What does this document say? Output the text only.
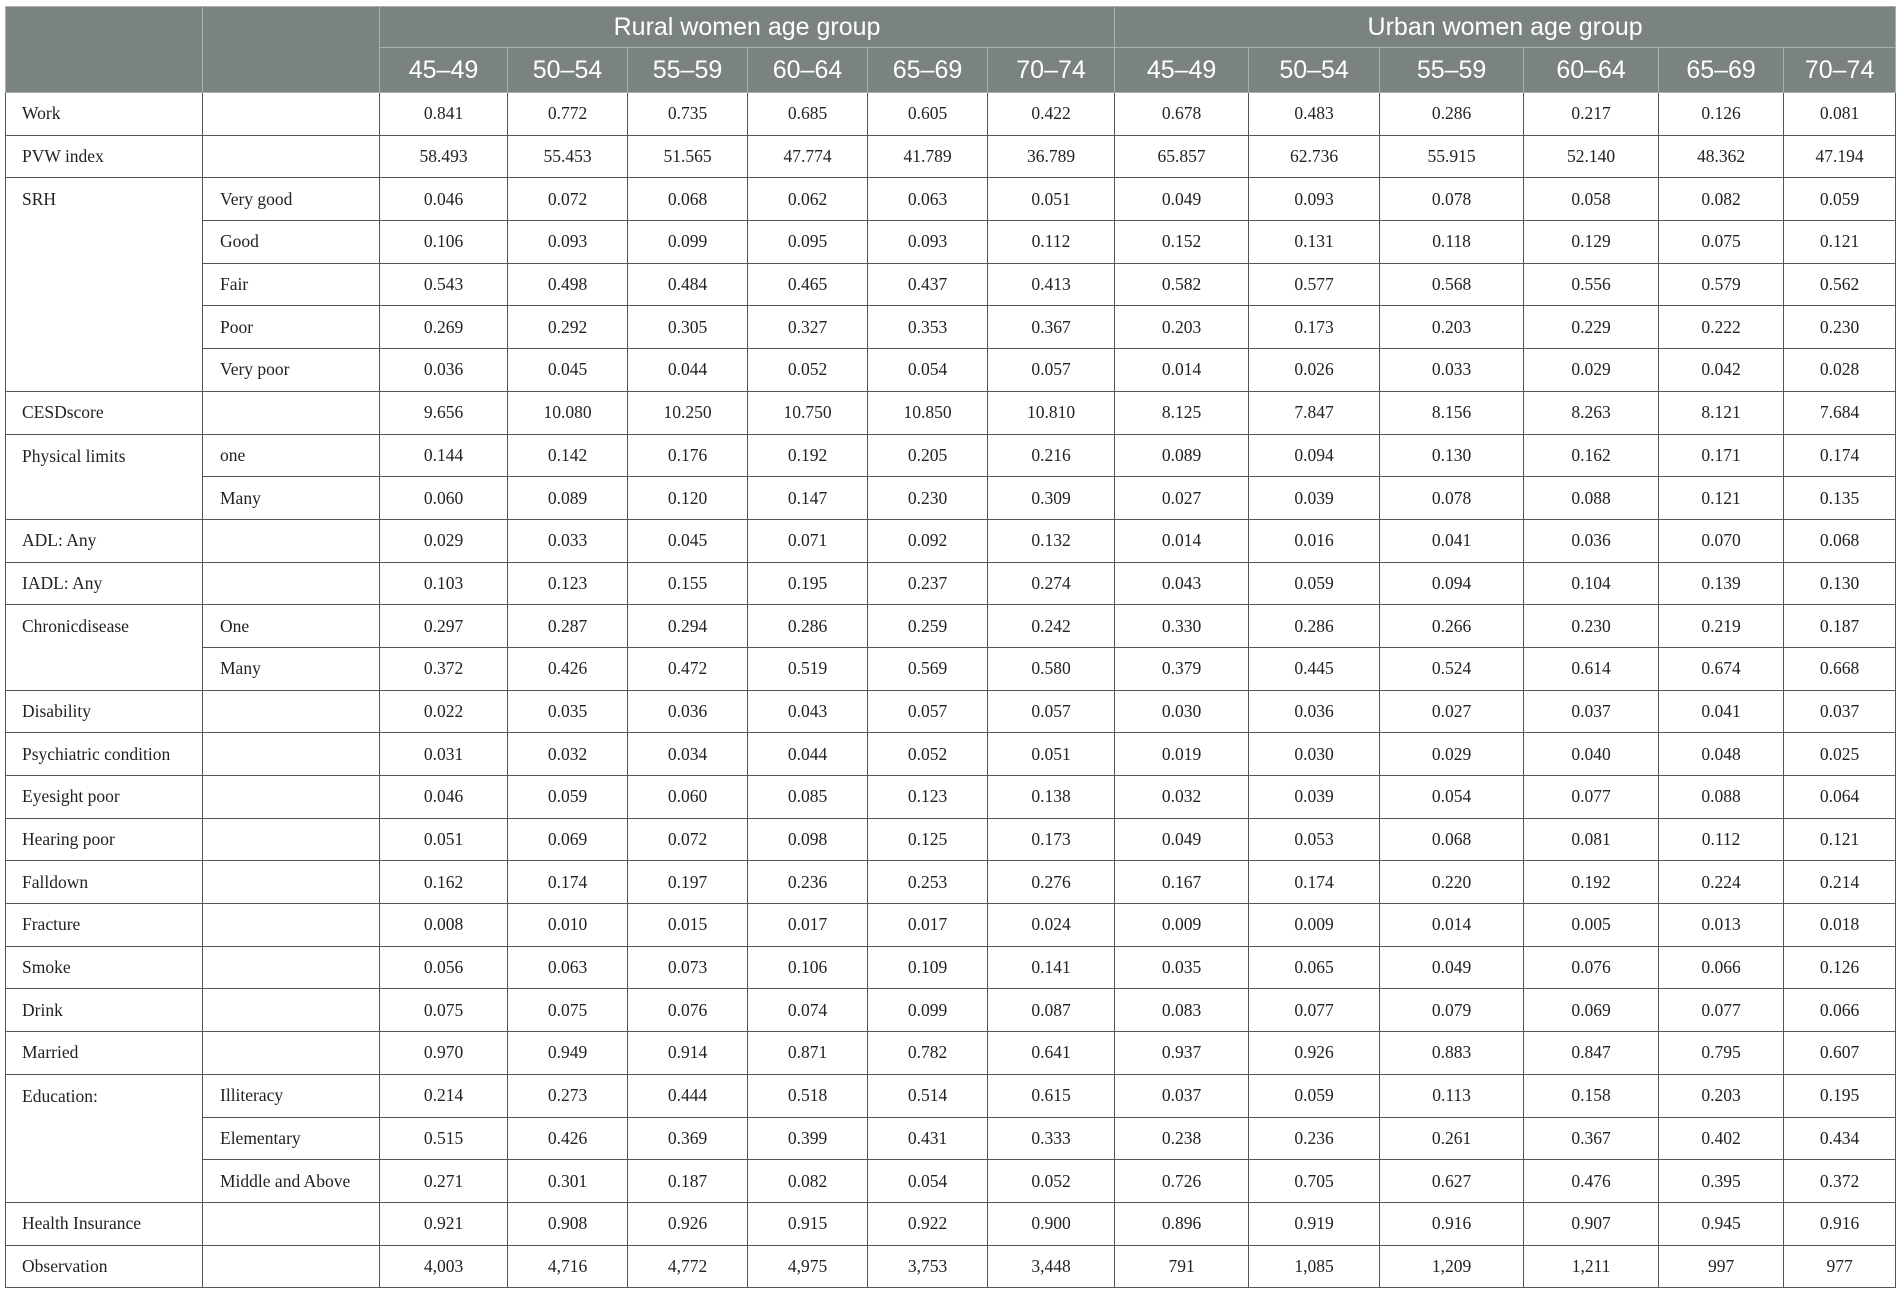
		Rural women age group						Urban women age group					
		45–49	50–54	55–59	60–64	65–69	70–74	45–49	50–54	55–59	60–64	65–69	70–74
Work		0.841	0.772	0.735	0.685	0.605	0.422	0.678	0.483	0.286	0.217	0.126	0.081
PVW index		58.493	55.453	51.565	47.774	41.789	36.789	65.857	62.736	55.915	52.140	48.362	47.194
SRH	Very good	0.046	0.072	0.068	0.062	0.063	0.051	0.049	0.093	0.078	0.058	0.082	0.059
	Good	0.106	0.093	0.099	0.095	0.093	0.112	0.152	0.131	0.118	0.129	0.075	0.121
	Fair	0.543	0.498	0.484	0.465	0.437	0.413	0.582	0.577	0.568	0.556	0.579	0.562
	Poor	0.269	0.292	0.305	0.327	0.353	0.367	0.203	0.173	0.203	0.229	0.222	0.230
	Very poor	0.036	0.045	0.044	0.052	0.054	0.057	0.014	0.026	0.033	0.029	0.042	0.028
CESDscore		9.656	10.080	10.250	10.750	10.850	10.810	8.125	7.847	8.156	8.263	8.121	7.684
Physical limits	one	0.144	0.142	0.176	0.192	0.205	0.216	0.089	0.094	0.130	0.162	0.171	0.174
	Many	0.060	0.089	0.120	0.147	0.230	0.309	0.027	0.039	0.078	0.088	0.121	0.135
ADL: Any		0.029	0.033	0.045	0.071	0.092	0.132	0.014	0.016	0.041	0.036	0.070	0.068
IADL: Any		0.103	0.123	0.155	0.195	0.237	0.274	0.043	0.059	0.094	0.104	0.139	0.130
Chronicdisease	One	0.297	0.287	0.294	0.286	0.259	0.242	0.330	0.286	0.266	0.230	0.219	0.187
	Many	0.372	0.426	0.472	0.519	0.569	0.580	0.379	0.445	0.524	0.614	0.674	0.668
Disability		0.022	0.035	0.036	0.043	0.057	0.057	0.030	0.036	0.027	0.037	0.041	0.037
Psychiatric condition		0.031	0.032	0.034	0.044	0.052	0.051	0.019	0.030	0.029	0.040	0.048	0.025
Eyesight poor		0.046	0.059	0.060	0.085	0.123	0.138	0.032	0.039	0.054	0.077	0.088	0.064
Hearing poor		0.051	0.069	0.072	0.098	0.125	0.173	0.049	0.053	0.068	0.081	0.112	0.121
Falldown		0.162	0.174	0.197	0.236	0.253	0.276	0.167	0.174	0.220	0.192	0.224	0.214
Fracture		0.008	0.010	0.015	0.017	0.017	0.024	0.009	0.009	0.014	0.005	0.013	0.018
Smoke		0.056	0.063	0.073	0.106	0.109	0.141	0.035	0.065	0.049	0.076	0.066	0.126
Drink		0.075	0.075	0.076	0.074	0.099	0.087	0.083	0.077	0.079	0.069	0.077	0.066
Married		0.970	0.949	0.914	0.871	0.782	0.641	0.937	0.926	0.883	0.847	0.795	0.607
Education:	Illiteracy	0.214	0.273	0.444	0.518	0.514	0.615	0.037	0.059	0.113	0.158	0.203	0.195
	Elementary	0.515	0.426	0.369	0.399	0.431	0.333	0.238	0.236	0.261	0.367	0.402	0.434
	Middle and Above	0.271	0.301	0.187	0.082	0.054	0.052	0.726	0.705	0.627	0.476	0.395	0.372
Health Insurance		0.921	0.908	0.926	0.915	0.922	0.900	0.896	0.919	0.916	0.907	0.945	0.916
Observation		4,003	4,716	4,772	4,975	3,753	3,448	791	1,085	1,209	1,211	997	977
